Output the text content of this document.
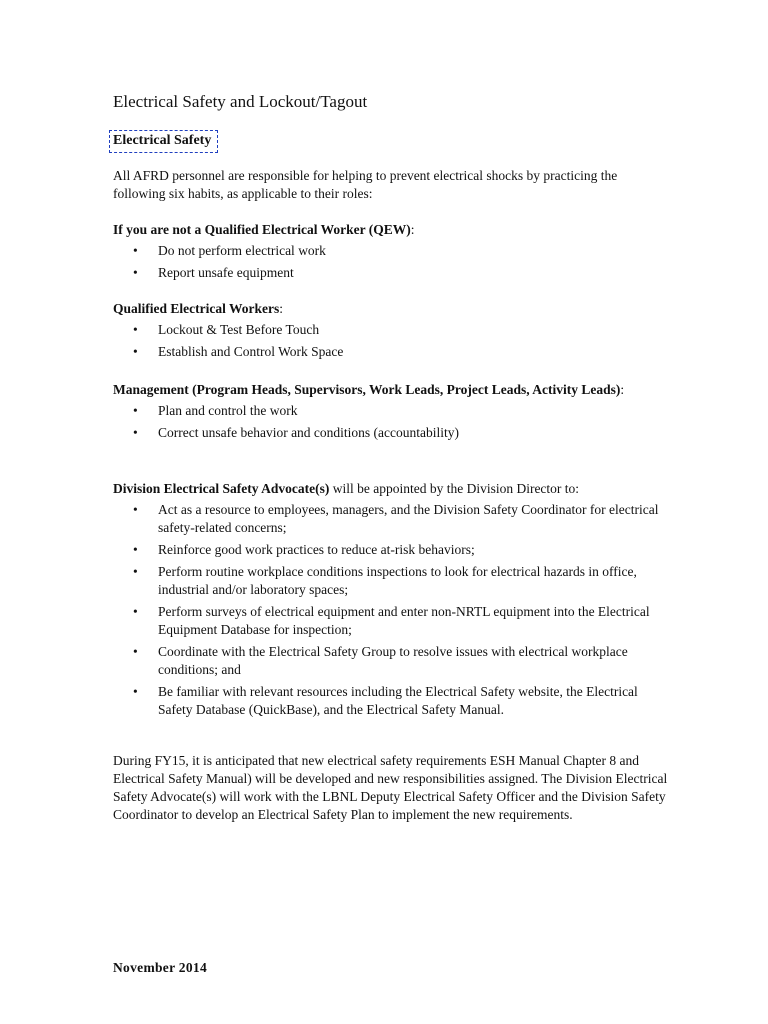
Electrical Safety and Lockout/Tagout
Electrical Safety

All AFRD personnel are responsible for helping to prevent electrical shocks by practicing the following six habits, as applicable to their roles:

If you are not a Qualified Electrical Worker (QEW):

• Do not perform electrical work
• Report unsafe equipment

Qualified Electrical Workers:

• Lockout & Test Before Touch
• Establish and Control Work Space

Management (Program Heads, Supervisors, Work Leads, Project Leads, Activity Leads):

• Plan and control the work
• Correct unsafe behavior and conditions (accountability)

Division Electrical Safety Advocate(s) will be appointed by the Division Director to:

• Act as a resource to employees, managers, and the Division Safety Coordinator for electrical safety-related concerns;
• Reinforce good work practices to reduce at-risk behaviors;
• Perform routine workplace conditions inspections to look for electrical hazards in office, industrial and/or laboratory spaces;
• Perform surveys of electrical equipment and enter non-NRTL equipment into the Electrical Equipment Database for inspection;
• Coordinate with the Electrical Safety Group to resolve issues with electrical workplace conditions; and
• Be familiar with relevant resources including the Electrical Safety website, the Electrical Safety Database (QuickBase), and the Electrical Safety Manual.

During FY15, it is anticipated that new electrical safety requirements ESH Manual Chapter 8 and Electrical Safety Manual) will be developed and new responsibilities assigned. The Division Electrical Safety Advocate(s) will work with the LBNL Deputy Electrical Safety Officer and the Division Safety Coordinator to develop an Electrical Safety Plan to implement the new requirements.

November 2014
